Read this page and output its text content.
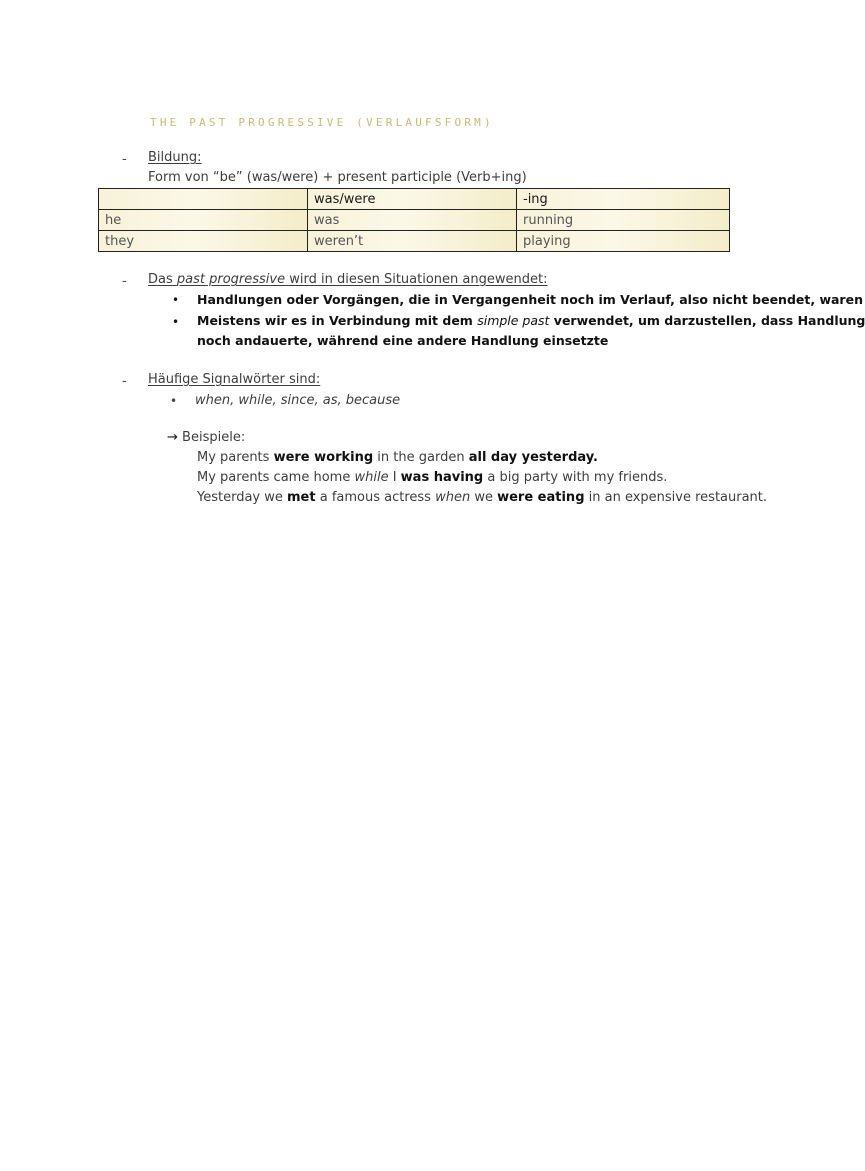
THE PAST PROGRESSIVE (VERLAUFSFORM)
- Bildung:
Form von “be” (was/were) + present participle (Verb+ing)
	was/were	-ing
he	was	running
they	weren’t	playing
- Das past progressive wird in diesen Situationen angewendet:
• Handlungen oder Vorgängen, die in Vergangenheit noch im Verlauf, also nicht beendet, waren
• Meistens wir es in Verbindung mit dem simple past verwendet, um darzustellen, dass Handlung
noch andauerte, während eine andere Handlung einsetzte
- Häufige Signalwörter sind:
• when, while, since, as, because
→ Beispiele:
My parents were working in the garden all day yesterday.
My parents came home while I was having a big party with my friends.
Yesterday we met a famous actress when we were eating in an expensive restaurant.
